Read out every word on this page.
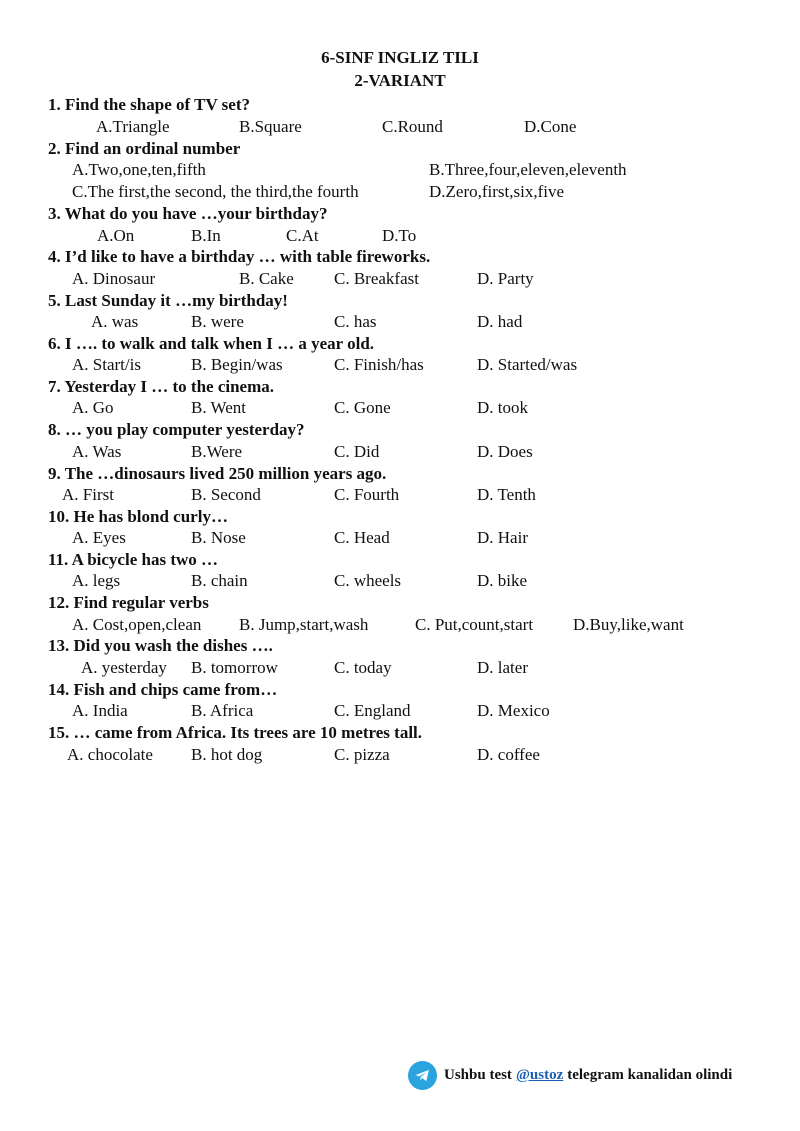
6-SINF INGLIZ TILI
2-VARIANT
1. Find the shape of TV set?
A.Triangle	B.Square	C.Round	D.Cone
2. Find an ordinal number
A.Two,one,ten,fifth	B.Three,four,eleven,eleventh
C.The first,the second, the third,the fourth	D.Zero,first,six,five
3. What do you have …your birthday?
A.On	B.In	C.At	D.To
4. I’d like to have a birthday … with table fireworks.
A. Dinosaur	B. Cake C. Breakfast	D. Party
5. Last Sunday it …my birthday!
A. was	B. were	C. has	D. had
6. I …. to walk and talk when I … a year old.
A. Start/is	B. Begin/was	C. Finish/has	D. Started/was
7. Yesterday I … to the cinema.
A. Go	B. Went	C. Gone	D. took
8. … you play computer yesterday?
A. Was	B.Were	C. Did	D. Does
9. The …dinosaurs lived 250 million years ago.
A. First	B. Second	C. Fourth	D. Tenth
10. He has blond curly…
A. Eyes	B. Nose	C. Head	D. Hair
11. A bicycle has two …
A. legs	B. chain	C. wheels	D. bike
12. Find regular verbs
A. Cost,open,clean B. Jump,start,wash	C. Put,count,start D.Buy,like,want
13. Did you wash the dishes ….
A. yesterday B. tomorrow	C. today	D. later
14. Fish and chips came from…
A. India	B. Africa	C. England	D. Mexico
15. … came from Africa. Its trees are 10 metres tall.
A. chocolate B. hot dog	C. pizza	D. coffee
Ushbu test @ustoz telegram kanalidan olindi
